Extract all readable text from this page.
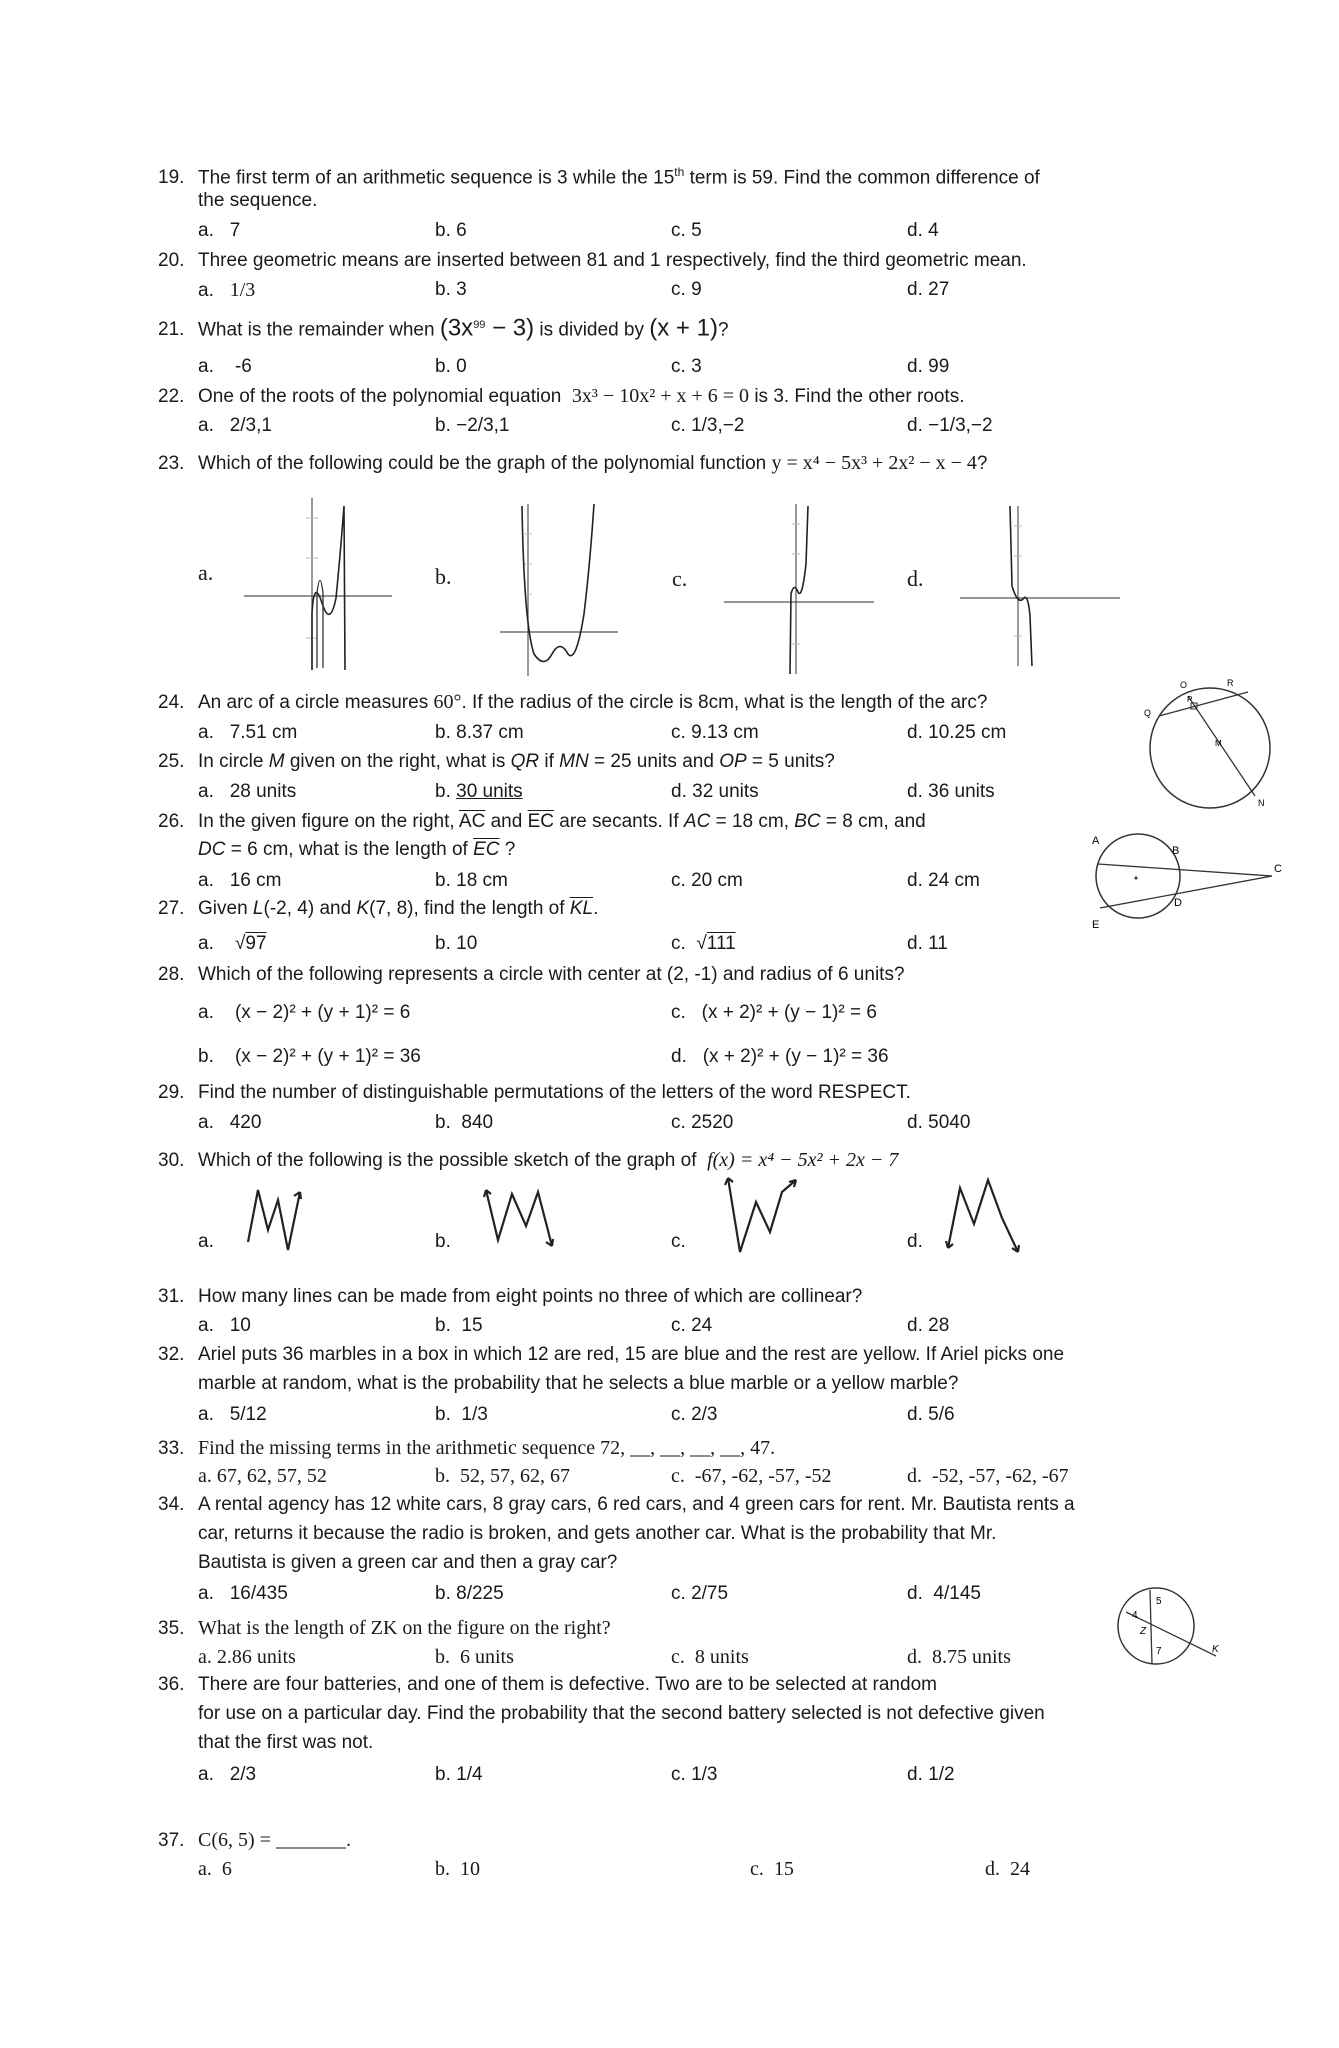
19. The first term of an arithmetic sequence is 3 while the 15th term is 59. Find the common difference of
the sequence.
a. 7	b. 6	c. 5	d. 4
20. Three geometric means are inserted between 81 and 1 respectively, find the third geometric mean.
a. 1/3	b. 3	c. 9	d. 27
21. What is the remainder when $(3x^{99} - 3)$ is divided by (x + 1)?
a. -6	b. 0	c. 3	d. 99
22. One of the roots of the polynomial equation 3x³ − 10x² + x + 6 = 0 is 3. Find the other roots.
a. 2/3,1	b. −2/3,1	c. 1/3,−2	d. −1/3,−2
23. Which of the following could be the graph of the polynomial function y = x⁴ − 5x³ + 2x² − x − 4?
a.	b.	c.	d.
24. An arc of a circle measures 60°. If the radius of the circle is 8cm, what is the length of the arc?
a. 7.51 cm	b. 8.37 cm	c. 9.13 cm	d. 10.25 cm
O	R
Q
P
M
N
25. In circle M given on the right, what is QR if MN = 25 units and OP = 5 units?
a. 28 units	b. 30 units	d. 32 units	d. 36 units
A
B
C
D
E
26. In the given figure on the right, $\overline{AC}$ and $\overline{EC}$ are secants. If AC = 18 cm, BC = 8 cm, and
DC = 6 cm, what is the length of $\overline{EC}$ ?
a. 16 cm	b. 18 cm	c. 20 cm	d. 24 cm
27. Given L(-2, 4) and K(7, 8), find the length of $\overline{KL}$.
a.    √97	b. 10	c.  √111	d. 11
28. Which of the following represents a circle with center at (2, -1) and radius of 6 units?
a. (x − 2)² + (y + 1)² = 6	c. (x + 2)² + (y − 1)² = 6
b. (x − 2)² + (y + 1)² = 36	d. (x + 2)² + (y − 1)² = 36
29. Find the number of distinguishable permutations of the letters of the word RESPECT.
a. 420	b. 840	c. 2520	d. 5040
30. Which of the following is the possible sketch of the graph of f(x) = x⁴ − 5x² + 2x − 7
a.	b.	c.	d.
31. How many lines can be made from eight points no three of which are collinear?
a. 10	b. 15	c. 24	d. 28
32. Ariel puts 36 marbles in a box in which 12 are red, 15 are blue and the rest are yellow. If Ariel picks one
marble at random, what is the probability that he selects a blue marble or a yellow marble?
a. 5/12	b. 1/3	c. 2/3	d. 5/6
33. Find the missing terms in the arithmetic sequence 72, __, __, __, __, 47.
a. 67, 62, 57, 52	b. 52, 57, 62, 67	c. -67, -62, -57, -52	d. -52, -57, -62, -67
34. A rental agency has 12 white cars, 8 gray cars, 6 red cars, and 4 green cars for rent. Mr. Bautista rents a
car, returns it because the radio is broken, and gets another car. What is the probability that Mr.
Bautista is given a green car and then a gray car?
a. 16/435	b. 8/225	c. 2/75	d. 4/145	5
4
Z
7	K
35. What is the length of ZK on the figure on the right?
a. 2.86 units	b. 6 units	c. 8 units	d. 8.75 units
36. There are four batteries, and one of them is defective. Two are to be selected at random
for use on a particular day. Find the probability that the second battery selected is not defective given
that the first was not.
a. 2/3	b. 1/4	c. 1/3	d. 1/2
37. C(6, 5) = _______.
a. 6	b. 10	c. 15	d. 24
